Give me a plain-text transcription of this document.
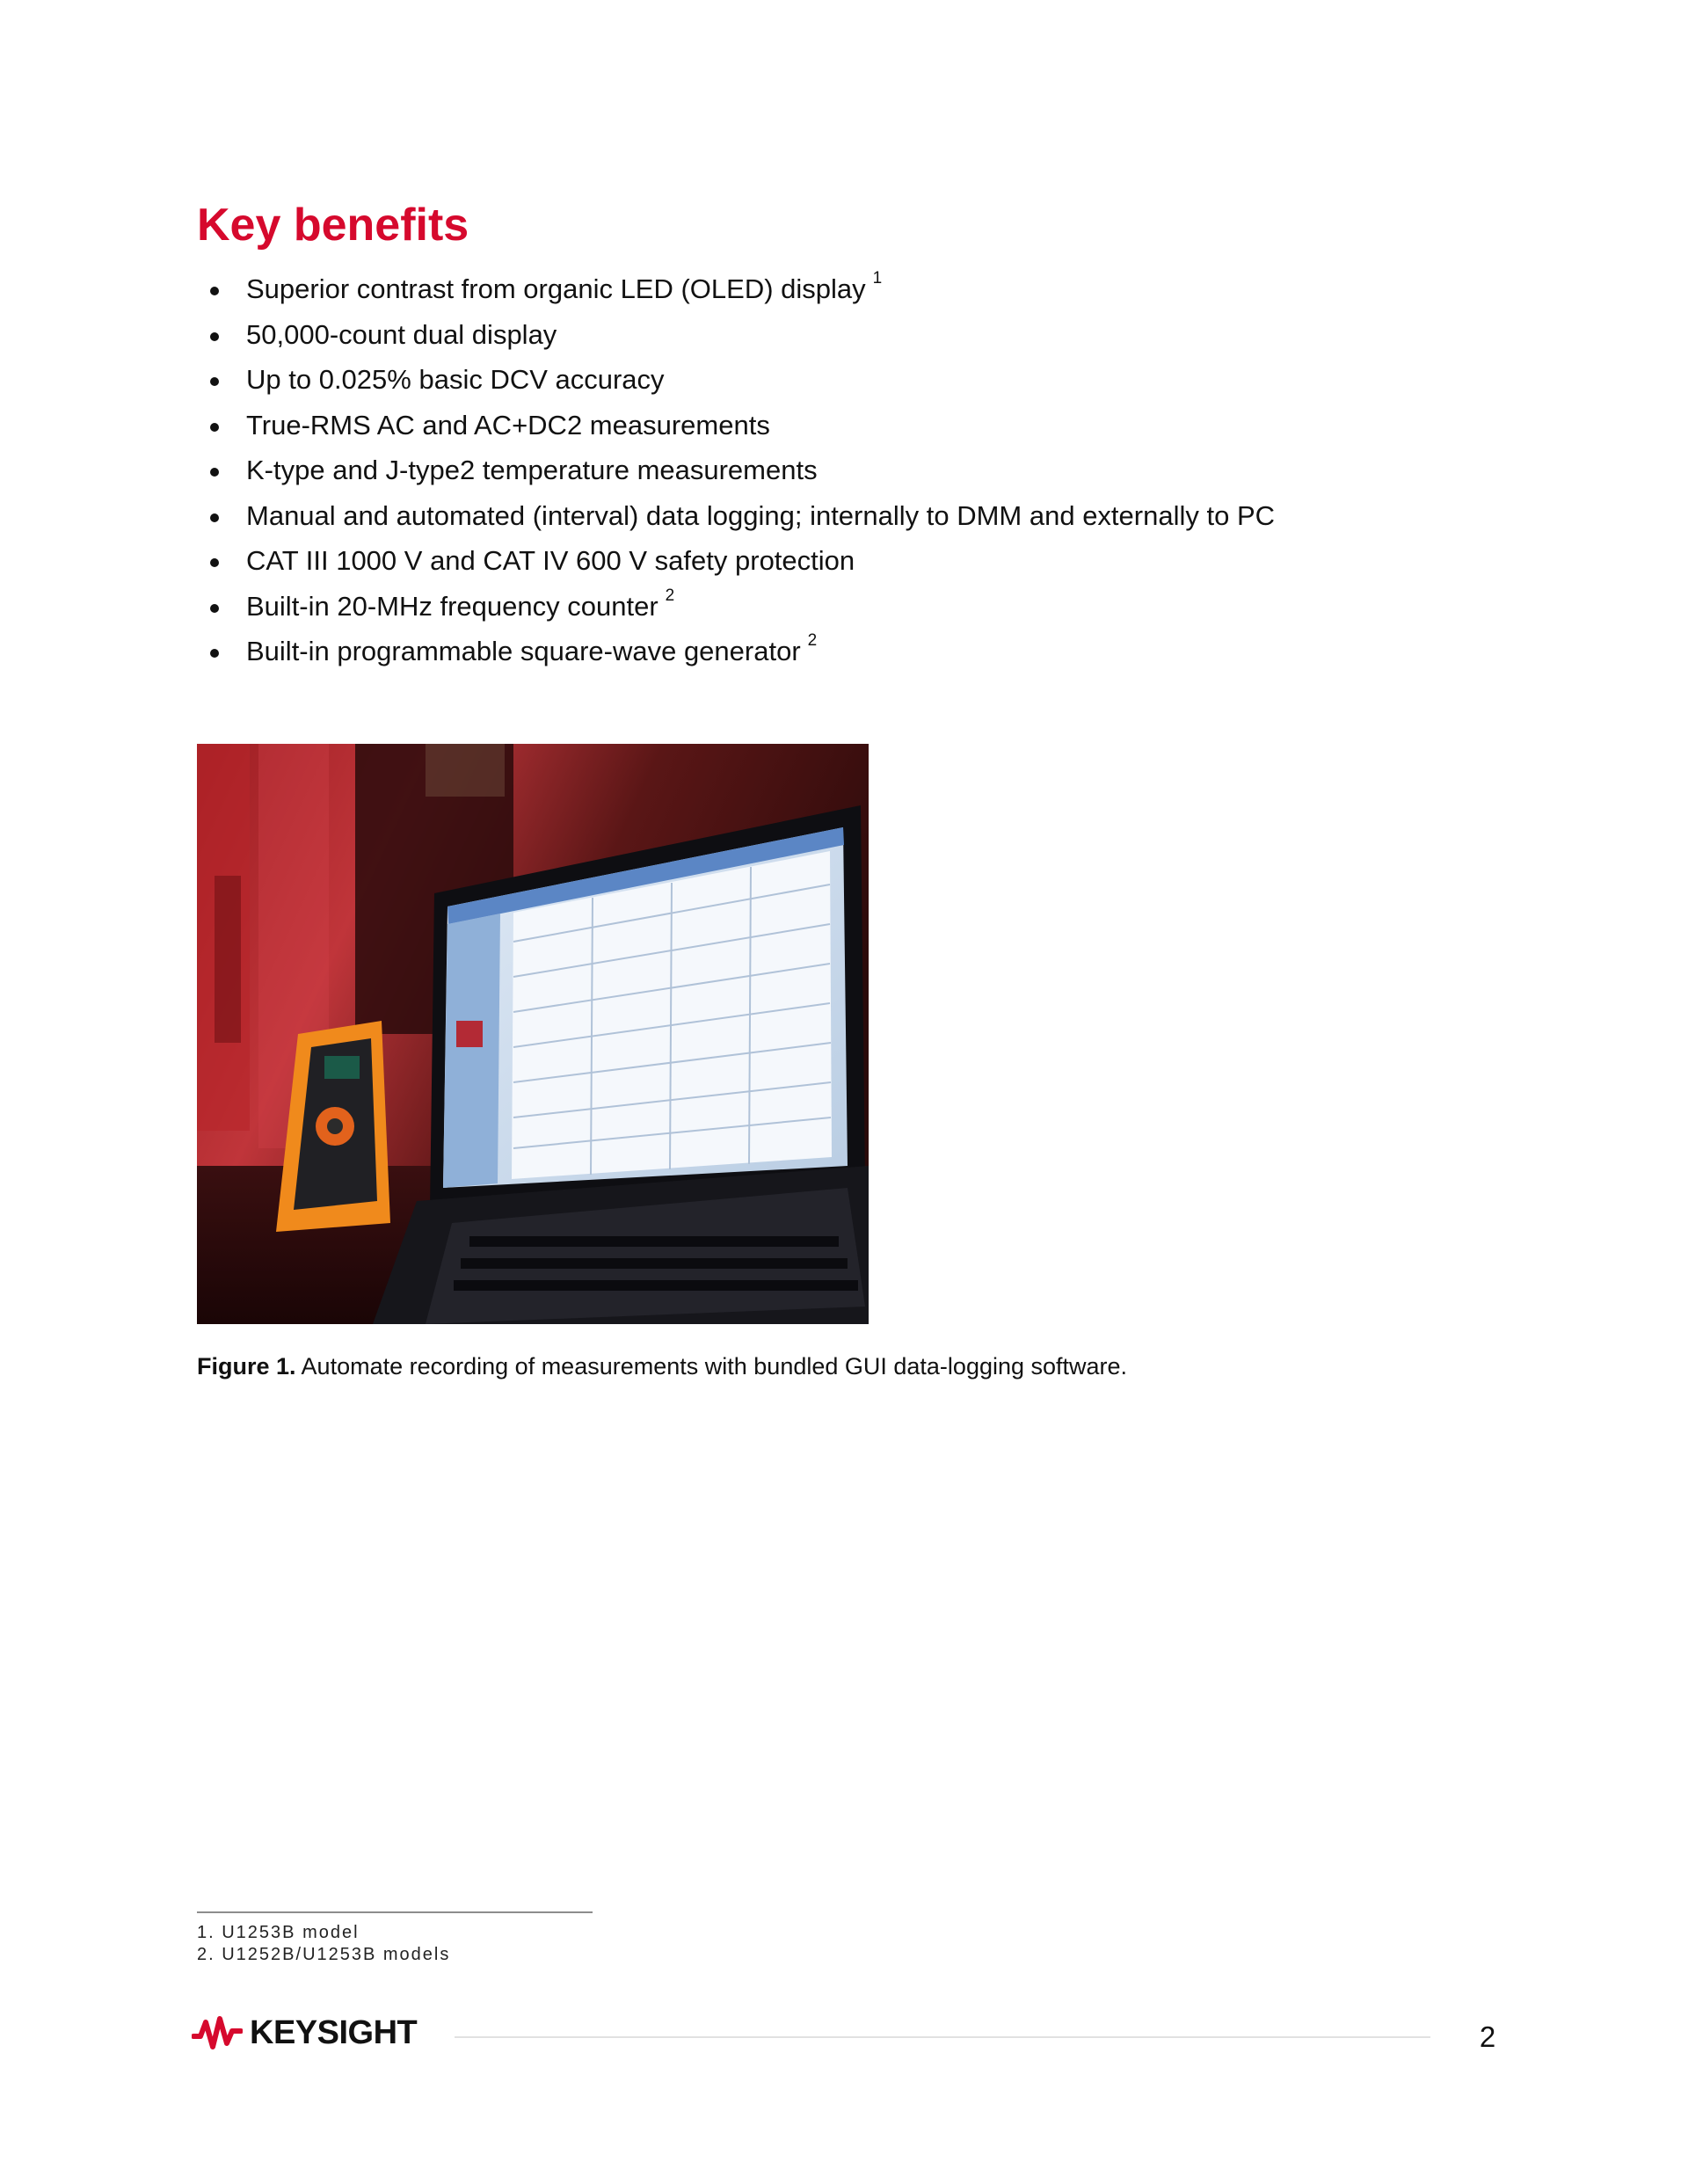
Key benefits
Superior contrast from organic LED (OLED) display $^1$
50,000-count dual display
Up to 0.025% basic DCV accuracy
True-RMS AC and AC+DC2 measurements
K-type and J-type2 temperature measurements
Manual and automated (interval) data logging; internally to DMM and externally to PC
CAT III 1000 V and CAT IV 600 V safety protection
Built-in 20-MHz frequency counter $^2$
Built-in programmable square-wave generator $^2$
Figure 1. Automate recording of measurements with bundled GUI data-logging software.
1. U1253B model
2. U1252B/U1253B models
KEYSIGHT	2
